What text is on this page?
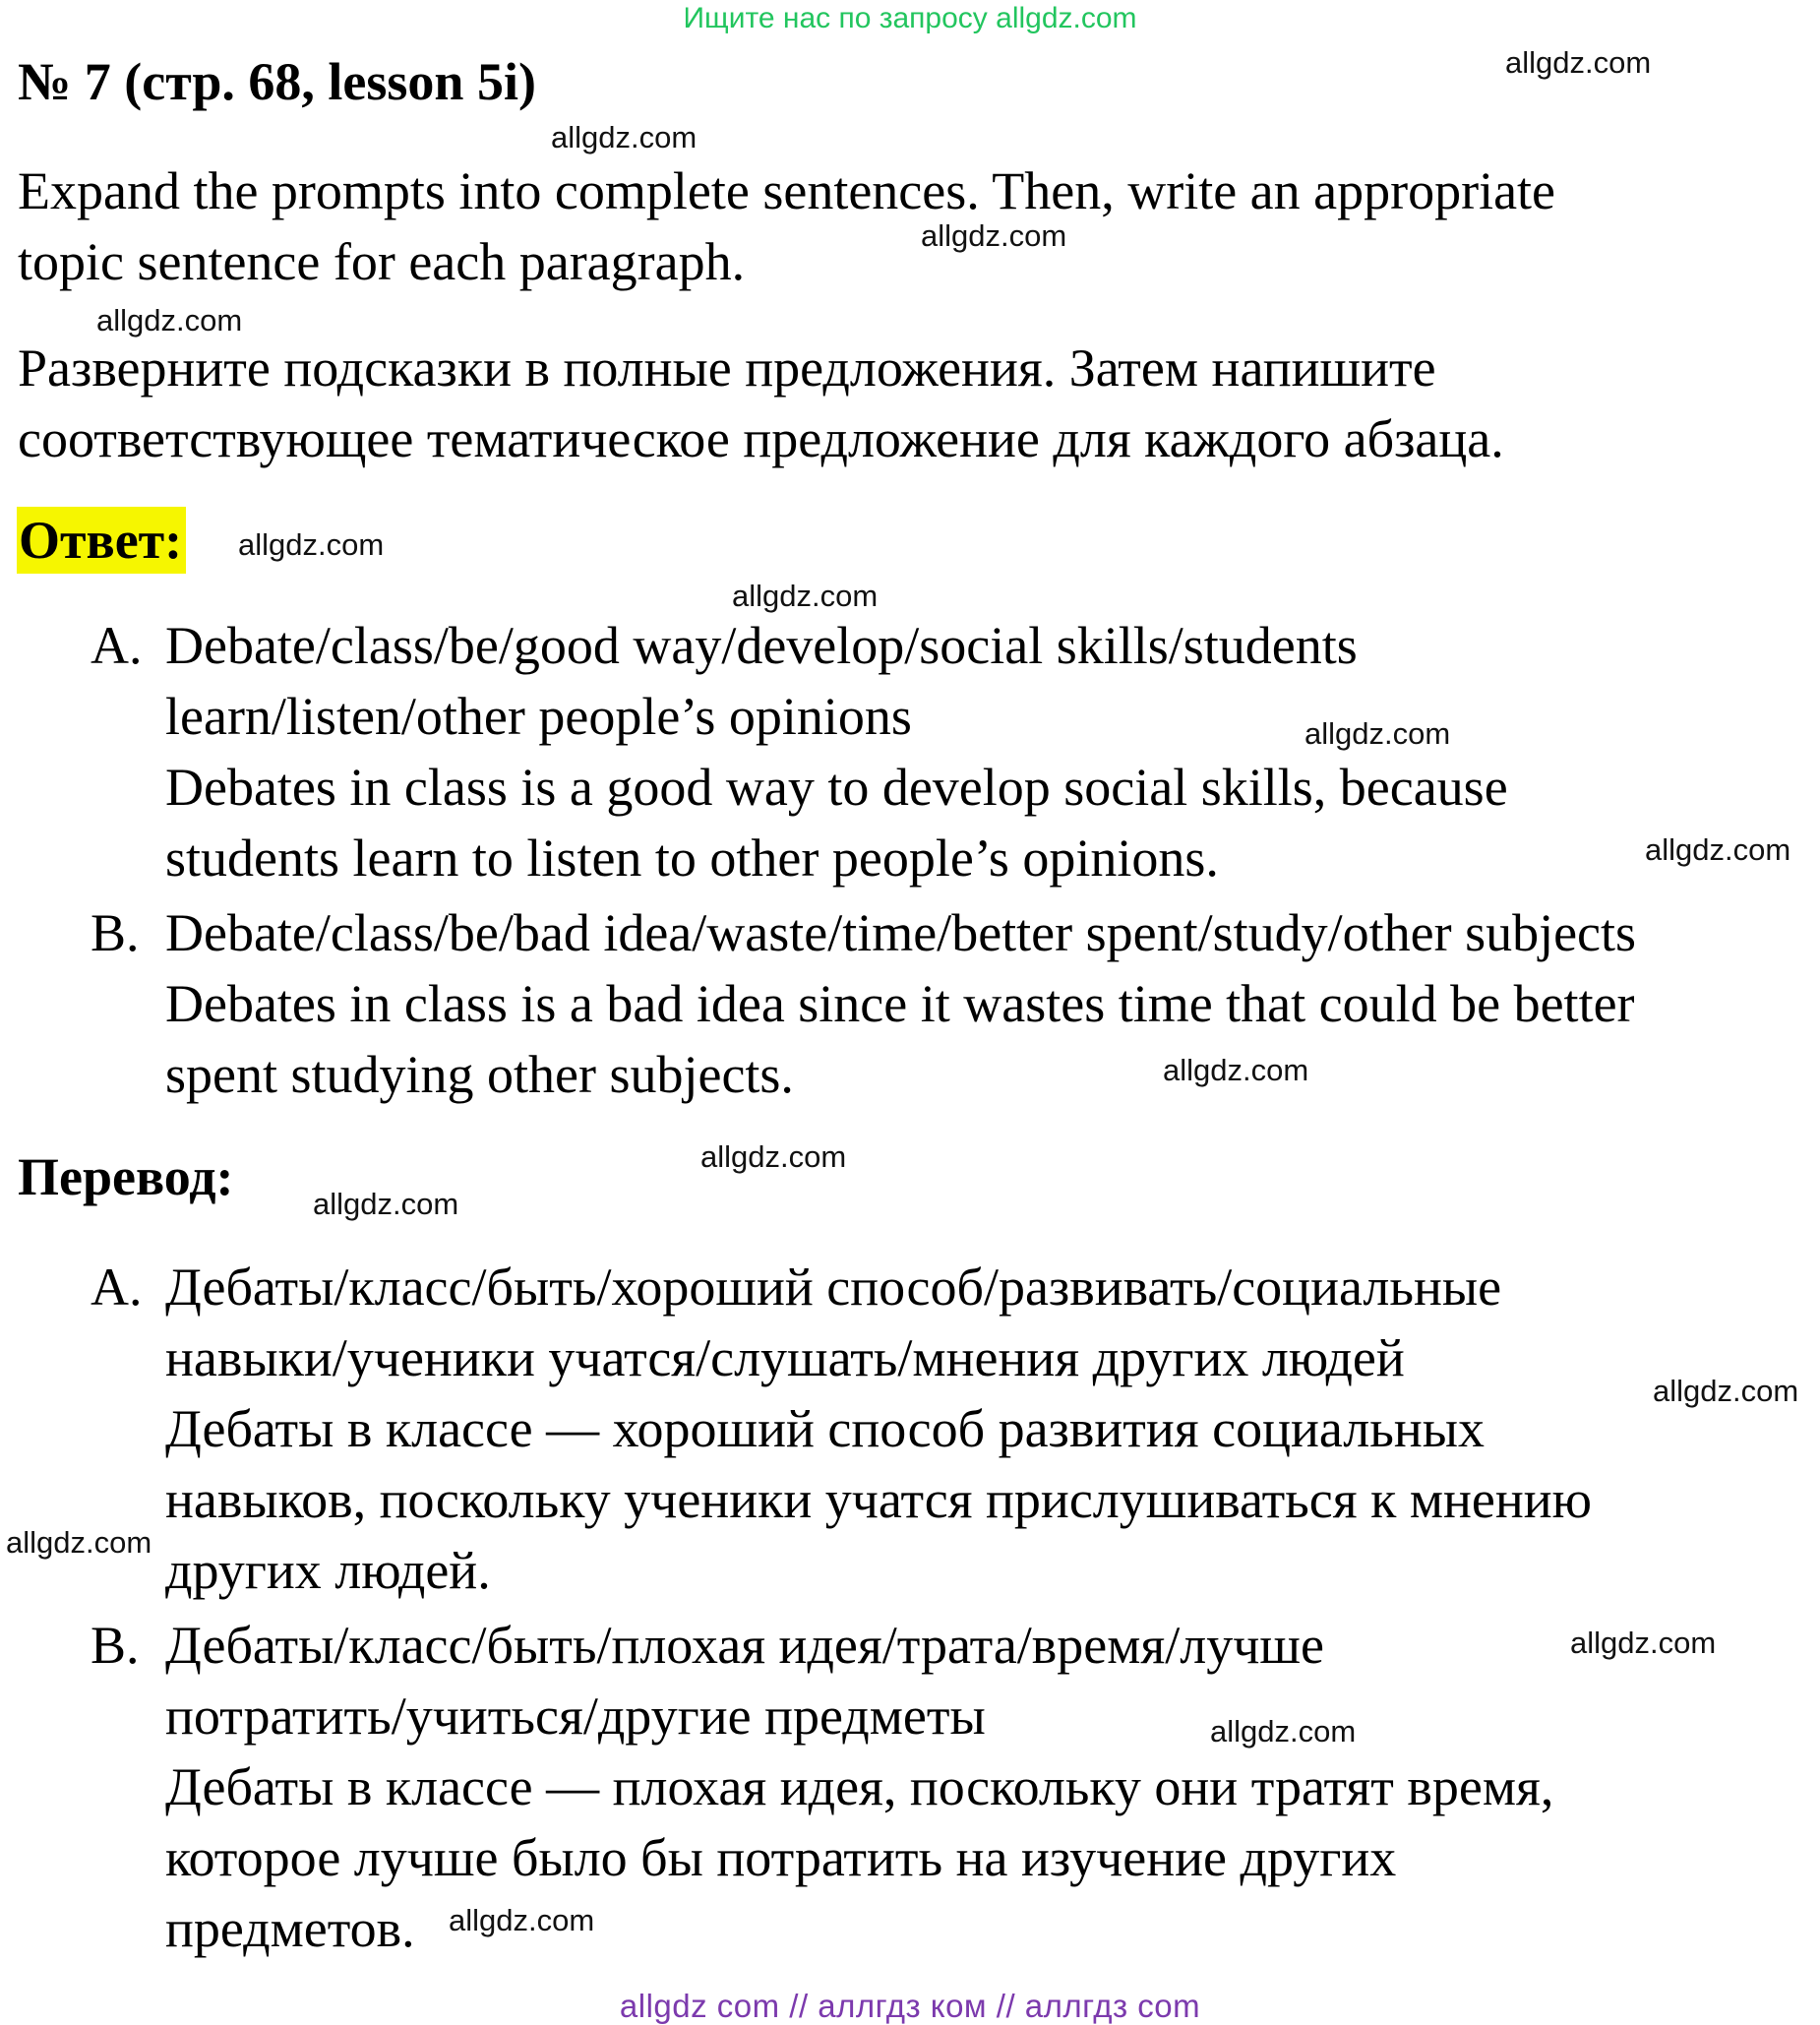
Ищите нас по запросу allgdz.com
№ 7 (стр. 68, lesson 5i)
Expand the prompts into complete sentences. Then, write an appropriate
topic sentence for each paragraph.
Разверните подсказки в полные предложения. Затем напишите
соответствующее тематическое предложение для каждого абзаца.
Ответ:
A. Debate/class/be/good way/develop/social skills/students
learn/listen/other people’s opinions
Debates in class is a good way to develop social skills, because
students learn to listen to other people’s opinions.
B. Debate/class/be/bad idea/waste/time/better spent/study/other subjects
Debates in class is a bad idea since it wastes time that could be better
spent studying other subjects.
Перевод:
A. Дебаты/класс/быть/хороший способ/развивать/социальные
навыки/ученики учатся/слушать/мнения других людей
Дебаты в классе — хороший способ развития социальных
навыков, поскольку ученики учатся прислушиваться к мнению
других людей.
B. Дебаты/класс/быть/плохая идея/трата/время/лучше
потратить/учиться/другие предметы
Дебаты в классе — плохая идея, поскольку они тратят время,
которое лучше было бы потратить на изучение других
предметов.
allgdz.com
allgdz.com
allgdz.com
allgdz.com
allgdz.com
allgdz.com
allgdz.com
allgdz.com
allgdz.com
allgdz.com
allgdz.com
allgdz.com
allgdz.com
allgdz.com
allgdz.com
allgdz.com
allgdz com // аллгдз ком // аллгдз com
